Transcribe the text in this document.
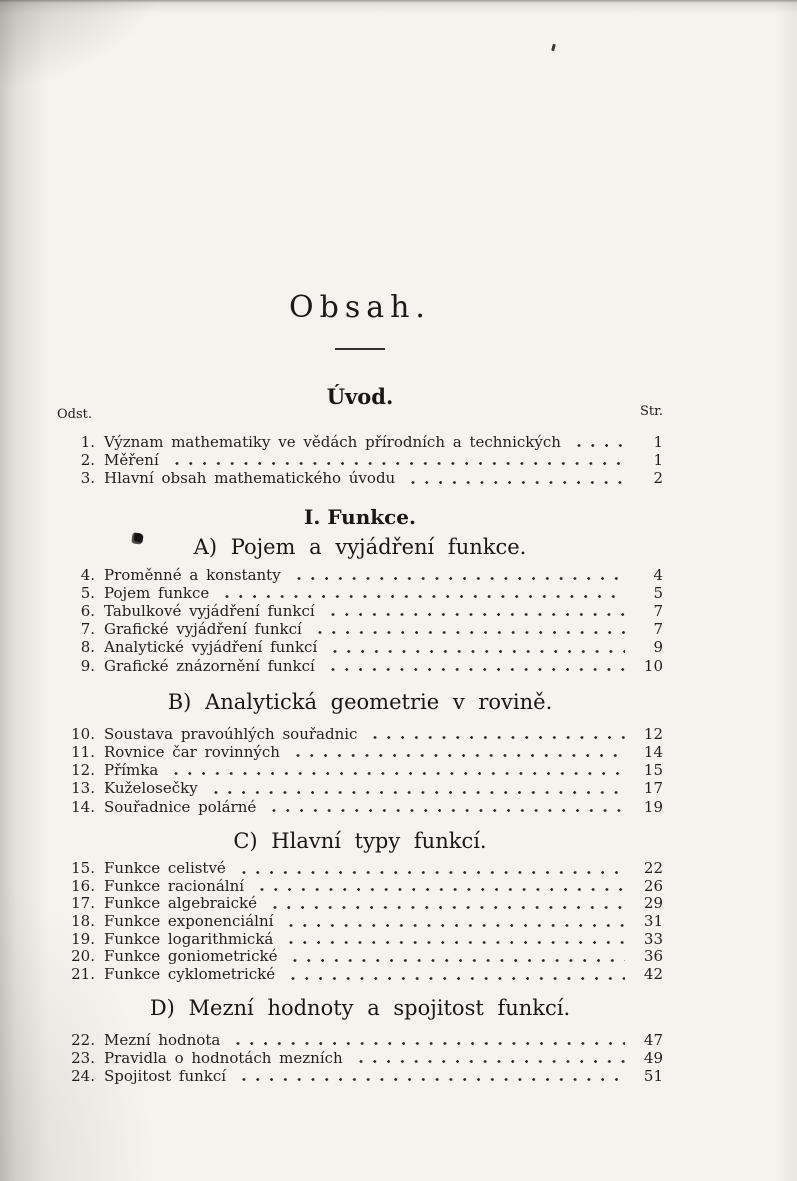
Obsah.
Úvod.
Odst.	Str.
1. Význam mathematiky ve vědách přírodních a technických	1
2. Měření	1
3. Hlavní obsah mathematického úvodu	2
I. Funkce.
A) Pojem a vyjádření funkce.
4. Proměnné a konstanty	4
5. Pojem funkce	5
6. Tabulkové vyjádření funkcí	7
7. Grafické vyjádření funkcí	7
8. Analytické vyjádření funkcí	9
9. Grafické znázornění funkcí	10
B) Analytická geometrie v rovině.
10. Soustava pravoúhlých souřadnic	12
11. Rovnice čar rovinných	14
12. Přímka	15
13. Kuželosečky	17
14. Souřadnice polárné	19
C) Hlavní typy funkcí.
15. Funkce celistvé	22
16. Funkce racionální	26
17. Funkce algebraické	29
18. Funkce exponenciální	31
19. Funkce logarithmická	33
20. Funkce goniometrické	36
21. Funkce cyklometrické	42
D) Mezní hodnoty a spojitost funkcí.
22. Mezní hodnota	47
23. Pravidla o hodnotách mezních	49
24. Spojitost funkcí	51
